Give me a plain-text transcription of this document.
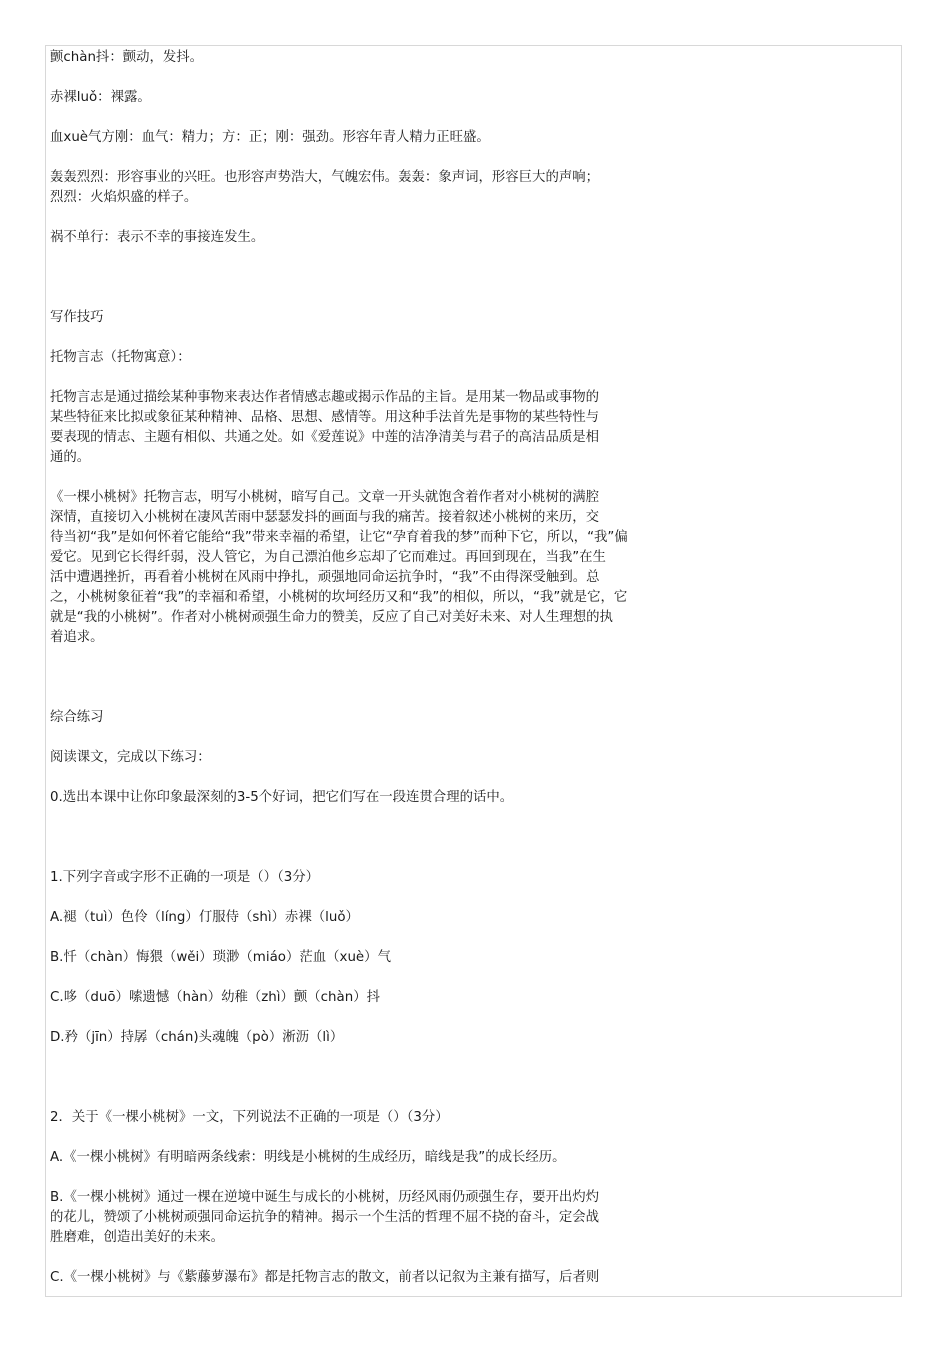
颤chàn抖：颤动，发抖。

赤裸luǒ：裸露。

血xuè气方刚：血气：精力；方：正；刚：强劲。形容年青人精力正旺盛。

轰轰烈烈：形容事业的兴旺。也形容声势浩大，气魄宏伟。轰轰：象声词，形容巨大的声响；
烈烈：火焰炽盛的样子。

祸不单行：表示不幸的事接连发生。

写作技巧

托物言志（托物寓意）：

托物言志是通过描绘某种事物来表达作者情感志趣或揭示作品的主旨。是用某一物品或事物的
某些特征来比拟或象征某种精神、品格、思想、感情等。用这种手法首先是事物的某些特性与
要表现的情志、主题有相似、共通之处。如《爱莲说》中莲的洁净清美与君子的高洁品质是相
通的。

《一棵小桃树》托物言志，明写小桃树，暗写自己。文章一开头就饱含着作者对小桃树的满腔
深情，直接切入小桃树在凄风苦雨中瑟瑟发抖的画面与我的痛苦。接着叙述小桃树的来历，交
待当初“我”是如何怀着它能给“我”带来幸福的希望，让它“孕育着我的梦”而种下它，所以，“我”偏
爱它。见到它长得纤弱，没人管它，为自己漂泊他乡忘却了它而难过。再回到现在，当我”在生
活中遭遇挫折，再看着小桃树在风雨中挣扎，顽强地同命运抗争时，“我”不由得深受触到。总
之，小桃树象征着“我”的幸福和希望，小桃树的坎坷经历又和“我”的相似，所以，“我”就是它，它
就是“我的小桃树”。作者对小桃树顽强生命力的赞美，反应了自己对美好未来、对人生理想的执
着追求。

综合练习

阅读课文，完成以下练习：

0.选出本课中让你印象最深刻的3-5个好词，把它们写在一段连贯合理的话中。

1.下列字音或字形不正确的一项是（）（3分）

A.褪（tuì）色伶（líng）仃服侍（shì）赤裸（luǒ）

B.忏（chàn）悔猥（wěi）琐渺（miáo）茫血（xuè）气

C.哆（duō）嗦遗憾（hàn）幼稚（zhì）颤（chàn）抖

D.矜（jīn）持孱（chán)头魂魄（pò）淅沥（lì）

2．关于《一棵小桃树》一文，下列说法不正确的一项是（）（3分）

A.《一棵小桃树》有明暗两条线索：明线是小桃树的生成经历，暗线是我”的成长经历。

B.《一棵小桃树》通过一棵在逆境中诞生与成长的小桃树，历经风雨仍顽强生存，要开出灼灼
的花儿，赞颂了小桃树顽强同命运抗争的精神。揭示一个生活的哲理不屈不挠的奋斗，定会战
胜磨难，创造出美好的未来。

C.《一棵小桃树》与《紫藤萝瀑布》都是托物言志的散文，前者以记叙为主兼有描写，后者则
